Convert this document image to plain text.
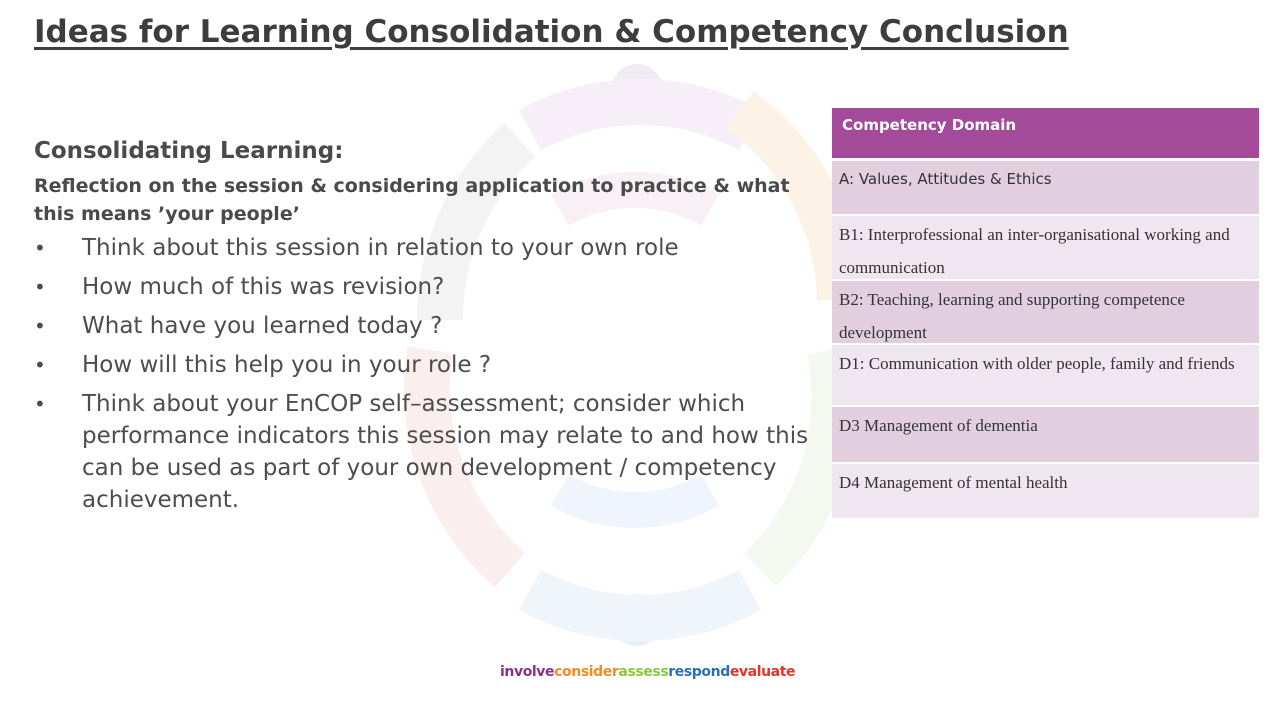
Ideas for Learning Consolidation & Competency Conclusion

Consolidating Learning:

Reflection on the session & considering application to practice & what this means ’your people’

•	Think about this session in relation to your own role
•	How much of this was revision?
•	What have you learned today ?
•	How will this help you in your role ?
•	Think about your EnCOP self–assessment; consider which performance indicators this session may relate to and how this can be used as part of your own development / competency achievement.
Competency Domain
A: Values, Attitudes & Ethics
B1: Interprofessional an inter-organisational working and communication
B2: Teaching, learning and supporting competence development
D1: Communication with older people, family and friends
D3 Management of dementia
D4 Management of mental health
involveconsiderassessrespondevaluate
